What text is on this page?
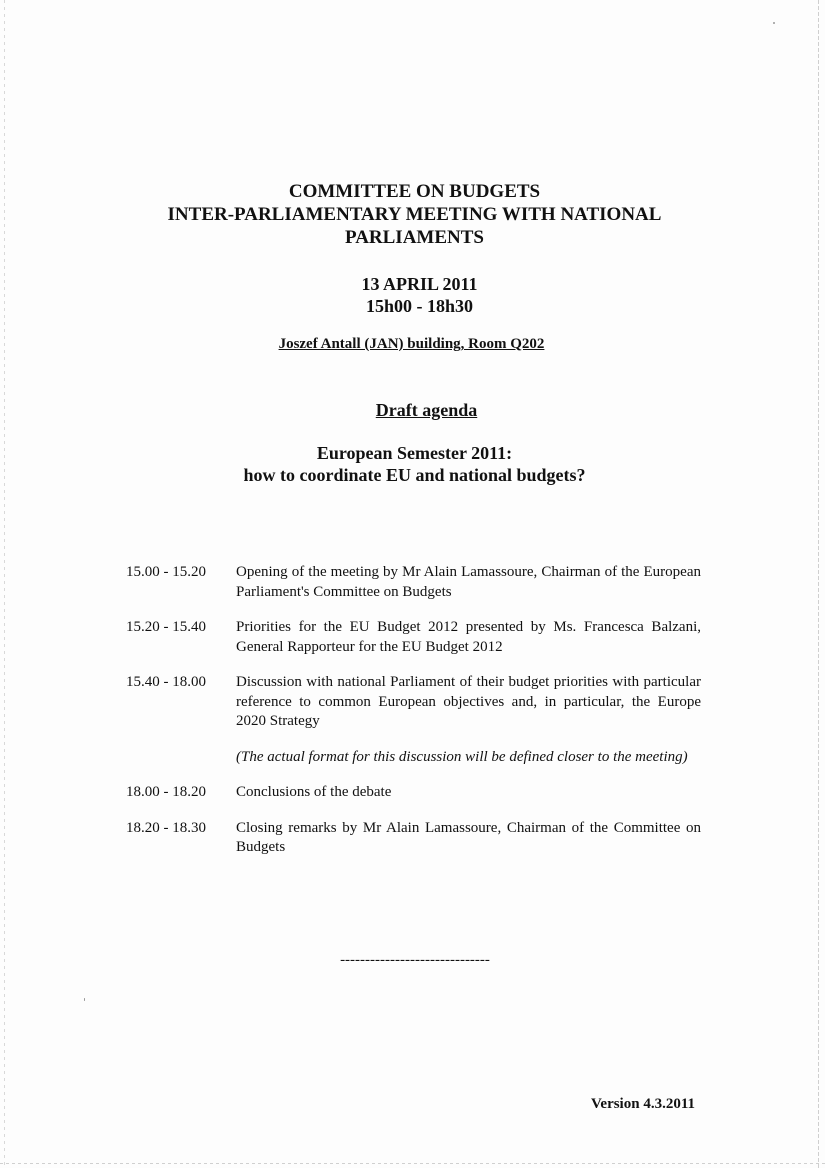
COMMITTEE ON BUDGETS
INTER-PARLIAMENTARY MEETING WITH NATIONAL
PARLIAMENTS
13 APRIL 2011
15h00 - 18h30
Joszef Antall (JAN) building, Room Q202
Draft agenda
European Semester 2011:
how to coordinate EU and national budgets?
15.00 - 15.20	Opening of the meeting by Mr Alain Lamassoure, Chairman of the European Parliament's Committee on Budgets
15.20 - 15.40	Priorities for the EU Budget 2012 presented by Ms. Francesca Balzani, General Rapporteur for the EU Budget 2012
15.40 - 18.00	Discussion with national Parliament of their budget priorities with particular reference to common European objectives and, in particular, the Europe 2020 Strategy
(The actual format for this discussion will be defined closer to the meeting)
18.00 - 18.20	Conclusions of the debate
18.20 - 18.30	Closing remarks by Mr Alain Lamassoure, Chairman of the Committee on Budgets
------------------------------
Version 4.3.2011
